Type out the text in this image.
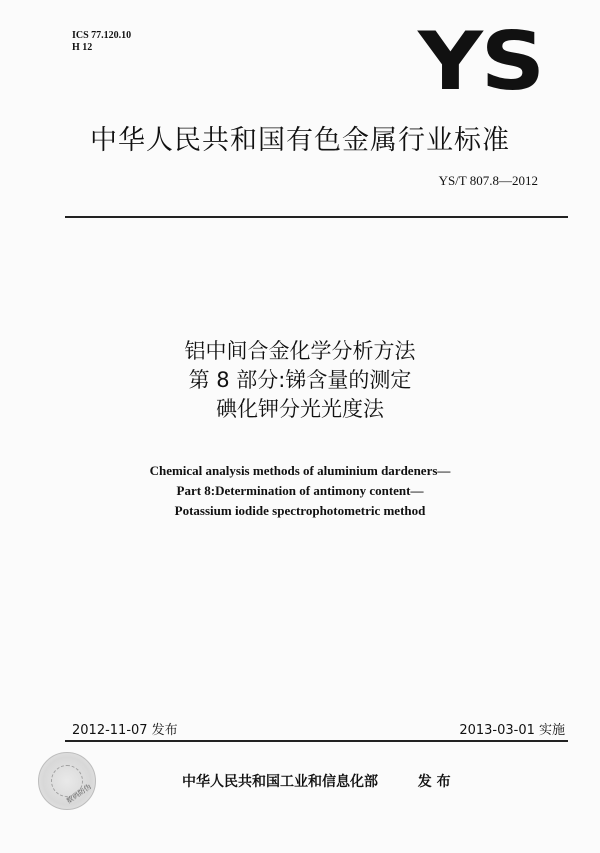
ICS 77.120.10
H 12	YS
中华人民共和国有色金属行业标准
YS/T 807.8—2012
铝中间合金化学分析方法
第 8 部分:锑含量的测定
碘化钾分光光度法
Chemical analysis methods of aluminium dardeners—
Part 8:Determination of antimony content—
Potassium iodide spectrophotometric method
2012-11-07 发布	2013-03-01 实施
数码防伪
中华人民共和国工业和信息化部	发 布
